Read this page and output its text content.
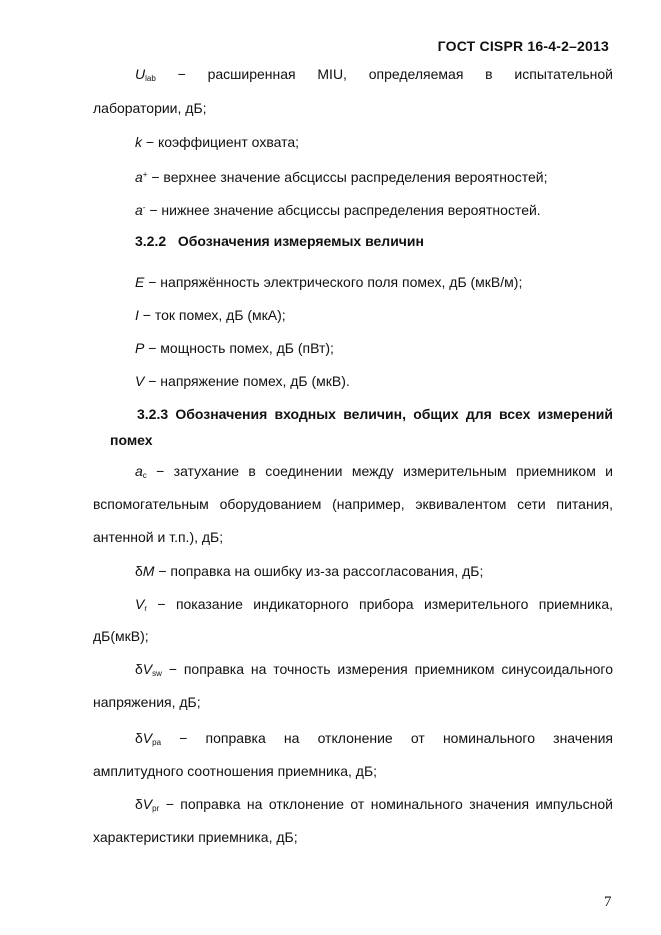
ГОСТ CISPR 16-4-2–2013
$U_{lab}$ − расширенная MIU, определяемая в испытательной
лаборатории, дБ;
k − коэффициент охвата;
a+ − верхнее значение абсциссы распределения вероятностей;
a- − нижнее значение абсциссы распределения вероятностей.
3.2.2 Обозначения измеряемых величин
E − напряжённость электрического поля помех, дБ (мкВ/м);
I − ток помех, дБ (мкА);
P − мощность помех, дБ (пВт);
V − напряжение помех, дБ (мкВ).
3.2.3 Обозначения входных величин, общих для всех измерений
помех
$a_c$ − затухание в соединении между измерительным приемником и
вспомогательным оборудованием (например, эквивалентом сети питания,
антенной и т.п.), дБ;
δM − поправка на ошибку из-за рассогласования, дБ;
$V_r$ − показание индикаторного прибора измерительного приемника,
дБ(мкВ);
$\delta V_{sw}$ − поправка на точность измерения приемником синусоидального
напряжения, дБ;
$\delta V_{pa}$ − поправка на отклонение от номинального значения
амплитудного соотношения приемника, дБ;
$\delta V_{pr}$ − поправка на отклонение от номинального значения импульсной
характеристики приемника, дБ;
7
